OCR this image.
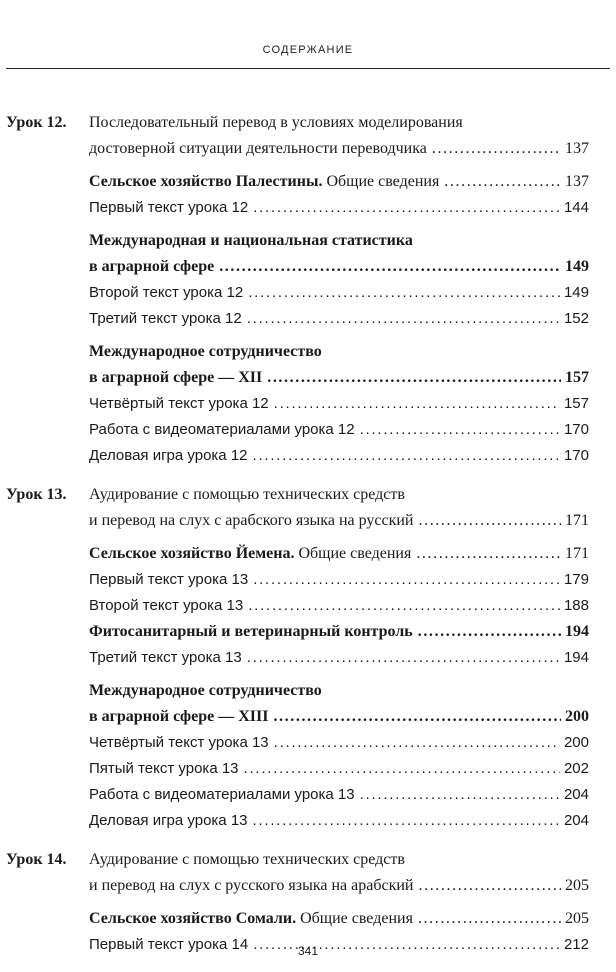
СОДЕРЖАНИЕ
Урок 12. Последовательный перевод в условиях моделирования
достоверной ситуации деятельности переводчика . . .	137
Сельское хозяйство Палестины. Общие сведения . . .	137
Первый текст урока 12 . . .	144
Международная и национальная статистика
в аграрной сфере . . .	149
Второй текст урока 12 . . .	149
Третий текст урока 12 . . .	152
Международное сотрудничество
в аграрной сфере — XII . . .	157
Четвёртый текст урока 12 . . .	157
Работа с видеоматериалами урока 12 . . .	170
Деловая игра урока 12 . . .	170
Урок 13. Аудирование с помощью технических средств
и перевод на слух с арабского языка на русский . . .	171
Сельское хозяйство Йемена. Общие сведения . . .	171
Первый текст урока 13 . . .	179
Второй текст урока 13 . . .	188
Фитосанитарный и ветеринарный контроль . . .	194
Третий текст урока 13 . . .	194
Международное сотрудничество
в аграрной сфере — XIII . . .	200
Четвёртый текст урока 13 . . .	200
Пятый текст урока 13 . . .	202
Работа с видеоматериалами урока 13 . . .	204
Деловая игра урока 13 . . .	204
Урок 14. Аудирование с помощью технических средств
и перевод на слух с русского языка на арабский . . .	205
Сельское хозяйство Сомали. Общие сведения . . .	205
Первый текст урока 14 . . .	212
341
